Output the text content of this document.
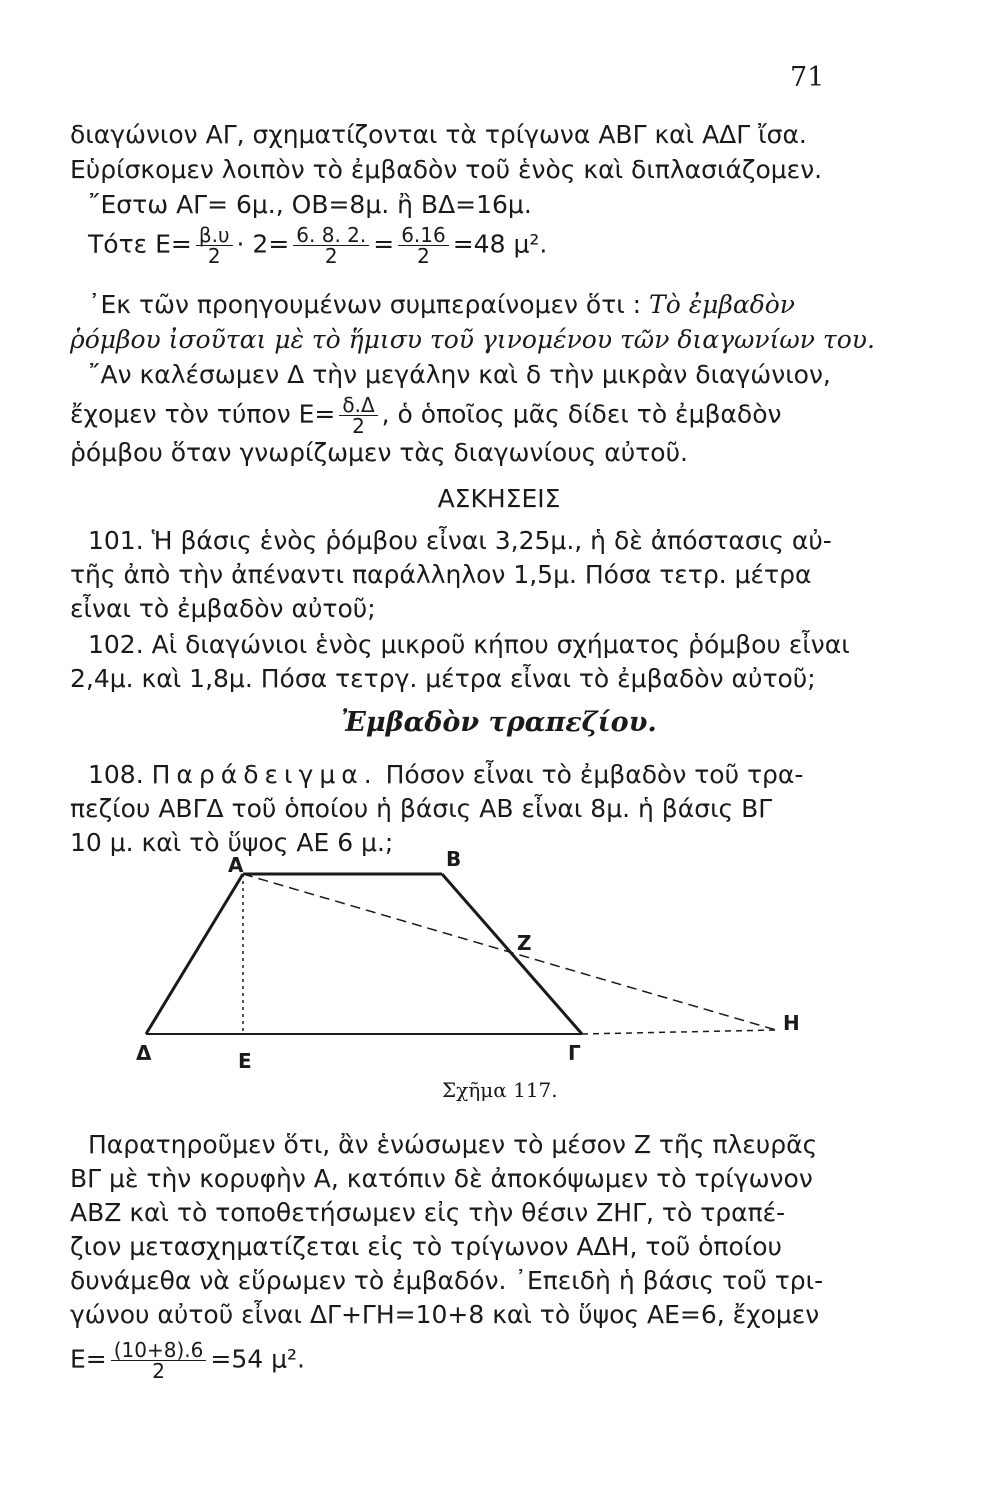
71
διαγώνιον ΑΓ, σχηματίζονται τὰ τρίγωνα ΑΒΓ καὶ ΑΔΓ ἴσα.
Εὑρίσκομεν λοιπὸν τὸ ἐμβαδὸν τοῦ ἑνὸς καὶ διπλασιάζομεν.
῎Εστω ΑΓ= 6μ., ΟΒ=8μ. ἢ ΒΔ=16μ.
Τότε $E= \frac{\beta.\upsilon}{2} \cdot 2= \frac{6. 8. 2.}{2} = \frac{6.16}{2} =48$ μ².
᾿Εκ τῶν προηγουμένων συμπεραίνομεν ὅτι : Τὸ ἐμβαδὸν
ῥόμβου ἰσοῦται μὲ τὸ ἥμισυ τοῦ γινομένου τῶν διαγωνίων του.
῎Αν καλέσωμεν Δ τὴν μεγάλην καὶ δ τὴν μικρὰν διαγώνιον,
ἔχομεν τὸν τύπον $E= \frac{\delta.\Delta}{2}$ , ὁ ὁποῖος μᾶς δίδει τὸ ἐμβαδὸν
ῥόμβου ὅταν γνωρίζωμεν τὰς διαγωνίους αὐτοῦ.
ΑΣΚΗΣΕΙΣ
101. Ἡ βάσις ἑνὸς ῥόμβου εἶναι 3,25μ., ἡ δὲ ἀπόστασις αὐ-
τῆς ἀπὸ τὴν ἀπέναντι παράλληλον 1,5μ. Πόσα τετρ. μέτρα
εἶναι τὸ ἐμβαδὸν αὐτοῦ;
102. Αἱ διαγώνιοι ἑνὸς μικροῦ κήπου σχήματος ῥόμβου εἶναι
2,4μ. καὶ 1,8μ. Πόσα τετργ. μέτρα εἶναι τὸ ἐμβαδὸν αὐτοῦ;
Ἐμβαδὸν τραπεζίου.
108. Παράδειγμα. Πόσον εἶναι τὸ ἐμβαδὸν τοῦ τρα-
πεζίου ΑΒΓΔ τοῦ ὁποίου ἡ βάσις ΑΒ εἶναι 8μ. ἡ βάσις ΒΓ
10 μ. καὶ τὸ ὕψος ΑΕ 6 μ.;
A	B
Z
Γ
Δ	E
H
Σχῆμα 117.
Παρατηροῦμεν ὅτι, ἂν ἑνώσωμεν τὸ μέσον Ζ τῆς πλευρᾶς
ΒΓ μὲ τὴν κορυφὴν Α, κατόπιν δὲ ἀποκόψωμεν τὸ τρίγωνον
ΑΒΖ καὶ τὸ τοποθετήσωμεν εἰς τὴν θέσιν ΖΗΓ, τὸ τραπέ-
ζιον μετασχηματίζεται εἰς τὸ τρίγωνον ΑΔΗ, τοῦ ὁποίου
δυνάμεθα νὰ εὕρωμεν τὸ ἐμβαδόν. ᾿Επειδὴ ἡ βάσις τοῦ τρι-
γώνου αὐτοῦ εἶναι ΔΓ+ΓΗ=10+8 καὶ τὸ ὕψος ΑΕ=6, ἔχομεν
$E= \frac{(10+8).6}{2} =54$ μ².
